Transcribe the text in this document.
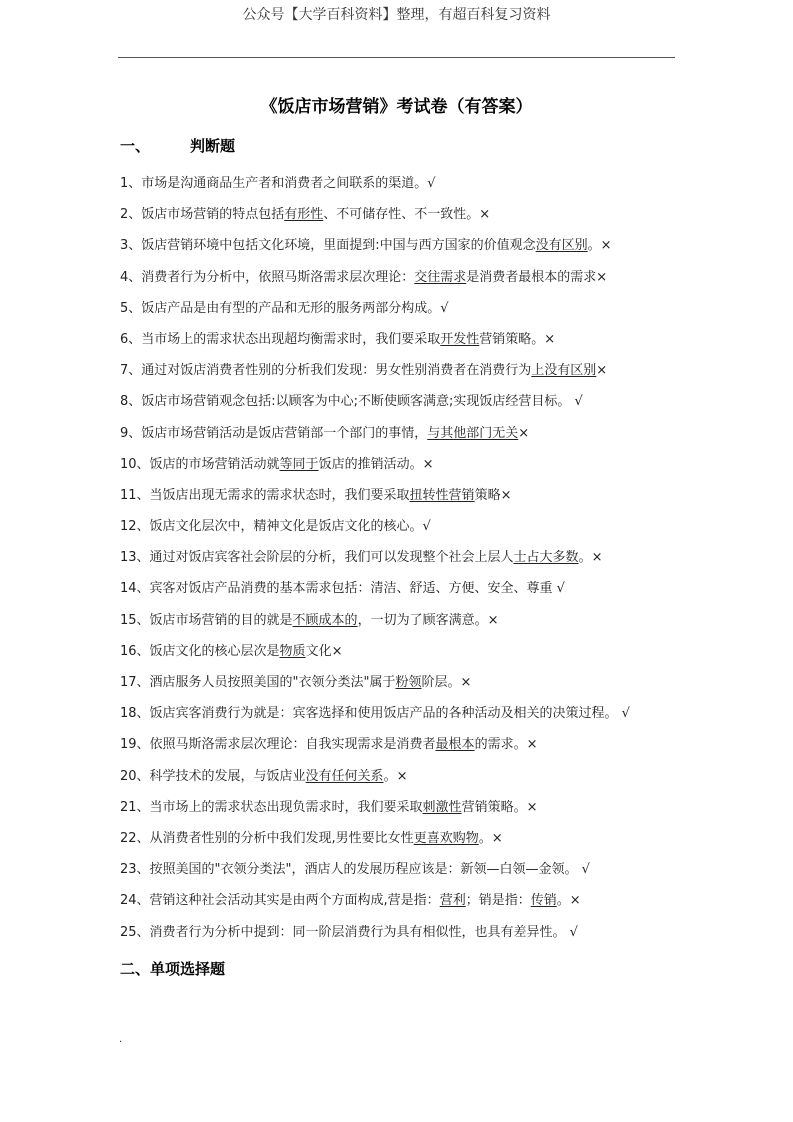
公众号【大学百科资料】整理，有超百科复习资料
《饭店市场营销》考试卷（有答案）
一、	判断题
1、市场是沟通商品生产者和消费者之间联系的渠道。√
2、饭店市场营销的特点包括有形性、不可储存性、不一致性。×
3、饭店营销环境中包括文化环境，里面提到:中国与西方国家的价值观念没有区别。×
4、消费者行为分析中，依照马斯洛需求层次理论：交往需求是消费者最根本的需求×
5、饭店产品是由有型的产品和无形的服务两部分构成。√
6、当市场上的需求状态出现超均衡需求时，我们要采取开发性营销策略。×
7、通过对饭店消费者性别的分析我们发现：男女性别消费者在消费行为上没有区别×
8、饭店市场营销观念包括:以顾客为中心;不断使顾客满意;实现饭店经营目标。 √
9、饭店市场营销活动是饭店营销部一个部门的事情，与其他部门无关×
10、饭店的市场营销活动就等同于饭店的推销活动。×
11、当饭店出现无需求的需求状态时，我们要采取扭转性营销策略×
12、饭店文化层次中，精神文化是饭店文化的核心。√
13、通过对饭店宾客社会阶层的分析，我们可以发现整个社会上层人士占大多数。×
14、宾客对饭店产品消费的基本需求包括：清洁、舒适、方便、安全、尊重 √
15、饭店市场营销的目的就是不顾成本的，一切为了顾客满意。×
16、饭店文化的核心层次是物质文化×
17、酒店服务人员按照美国的"衣领分类法"属于粉领阶层。×
18、饭店宾客消费行为就是：宾客选择和使用饭店产品的各种活动及相关的决策过程。 √
19、依照马斯洛需求层次理论：自我实现需求是消费者最根本的需求。×
20、科学技术的发展，与饭店业没有任何关系。×
21、当市场上的需求状态出现负需求时，我们要采取刺激性营销策略。×
22、从消费者性别的分析中我们发现,男性要比女性更喜欢购物。×
23、按照美国的"衣领分类法"，酒店人的发展历程应该是：新领—白领—金领。 √
24、营销这种社会活动其实是由两个方面构成,营是指：营利；销是指：传销。×
25、消费者行为分析中提到：同一阶层消费行为具有相似性，也具有差异性。 √
二、单项选择题
.
